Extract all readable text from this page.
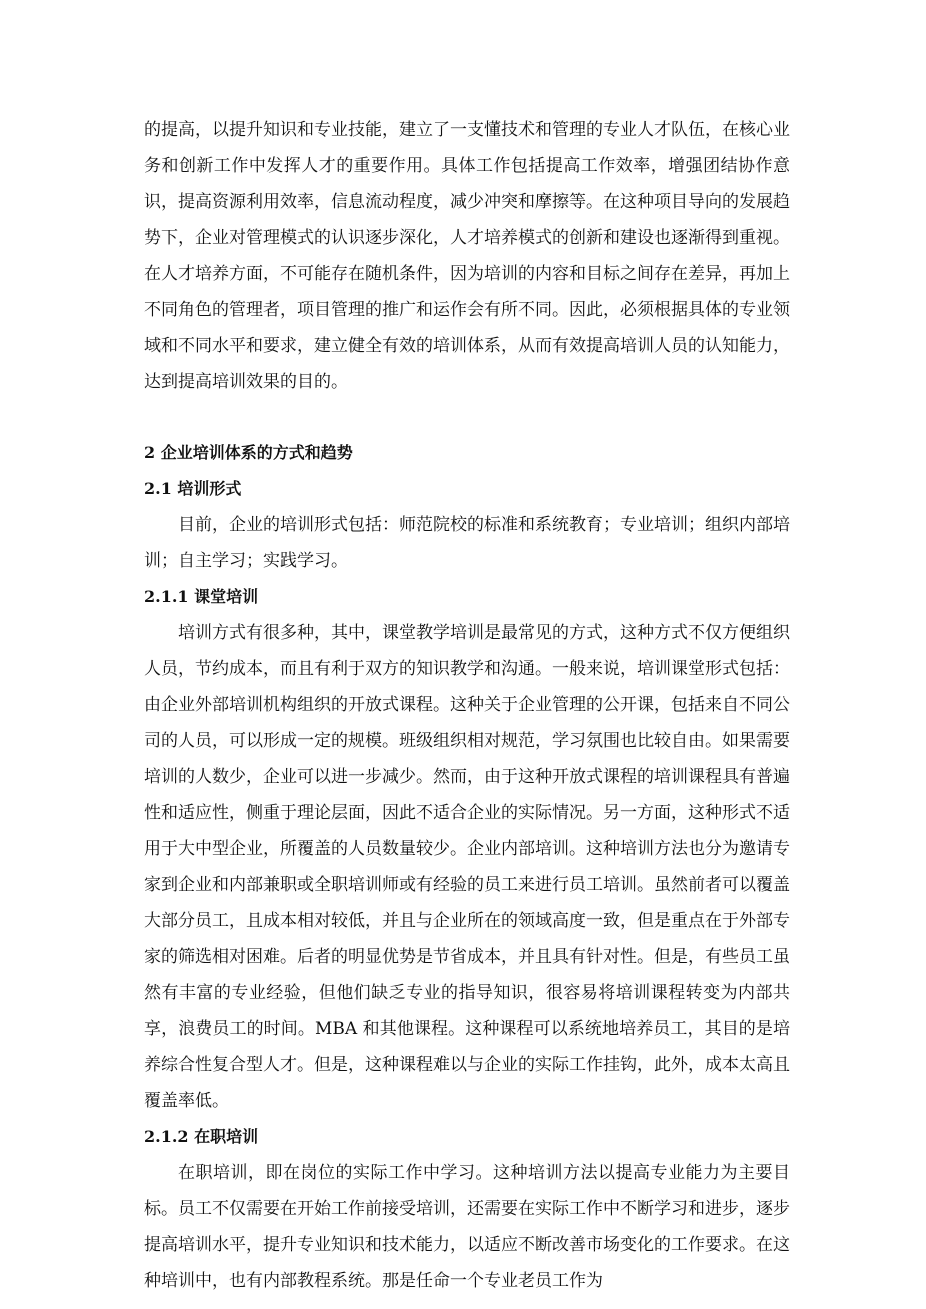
的提高，以提升知识和专业技能，建立了一支懂技术和管理的专业人才队伍，在核心业务和创新工作中发挥人才的重要作用。具体工作包括提高工作效率，增强团结协作意识，提高资源利用效率，信息流动程度，减少冲突和摩擦等。在这种项目导向的发展趋势下，企业对管理模式的认识逐步深化，人才培养模式的创新和建设也逐渐得到重视。在人才培养方面，不可能存在随机条件，因为培训的内容和目标之间存在差异，再加上不同角色的管理者，项目管理的推广和运作会有所不同。因此，必须根据具体的专业领域和不同水平和要求，建立健全有效的培训体系，从而有效提高培训人员的认知能力，达到提高培训效果的目的。

2 企业培训体系的方式和趋势
2.1 培训形式

目前，企业的培训形式包括：师范院校的标准和系统教育；专业培训；组织内部培训；自主学习；实践学习。

2.1.1 课堂培训

培训方式有很多种，其中，课堂教学培训是最常见的方式，这种方式不仅方便组织人员，节约成本，而且有利于双方的知识教学和沟通。一般来说，培训课堂形式包括：由企业外部培训机构组织的开放式课程。这种关于企业管理的公开课，包括来自不同公司的人员，可以形成一定的规模。班级组织相对规范，学习氛围也比较自由。如果需要培训的人数少，企业可以进一步减少。然而，由于这种开放式课程的培训课程具有普遍性和适应性，侧重于理论层面，因此不适合企业的实际情况。另一方面，这种形式不适用于大中型企业，所覆盖的人员数量较少。企业内部培训。这种培训方法也分为邀请专家到企业和内部兼职或全职培训师或有经验的员工来进行员工培训。虽然前者可以覆盖大部分员工，且成本相对较低，并且与企业所在的领域高度一致，但是重点在于外部专家的筛选相对困难。后者的明显优势是节省成本，并且具有针对性。但是，有些员工虽然有丰富的专业经验，但他们缺乏专业的指导知识，很容易将培训课程转变为内部共享，浪费员工的时间。MBA 和其他课程。这种课程可以系统地培养员工，其目的是培养综合性复合型人才。但是，这种课程难以与企业的实际工作挂钩，此外，成本太高且覆盖率低。

2.1.2 在职培训

在职培训，即在岗位的实际工作中学习。这种培训方法以提高专业能力为主要目标。员工不仅需要在开始工作前接受培训，还需要在实际工作中不断学习和进步，逐步提高培训水平，提升专业知识和技术能力，以适应不断改善市场变化的工作要求。在这种培训中，也有内部教程系统。那是任命一个专业老员工作为
